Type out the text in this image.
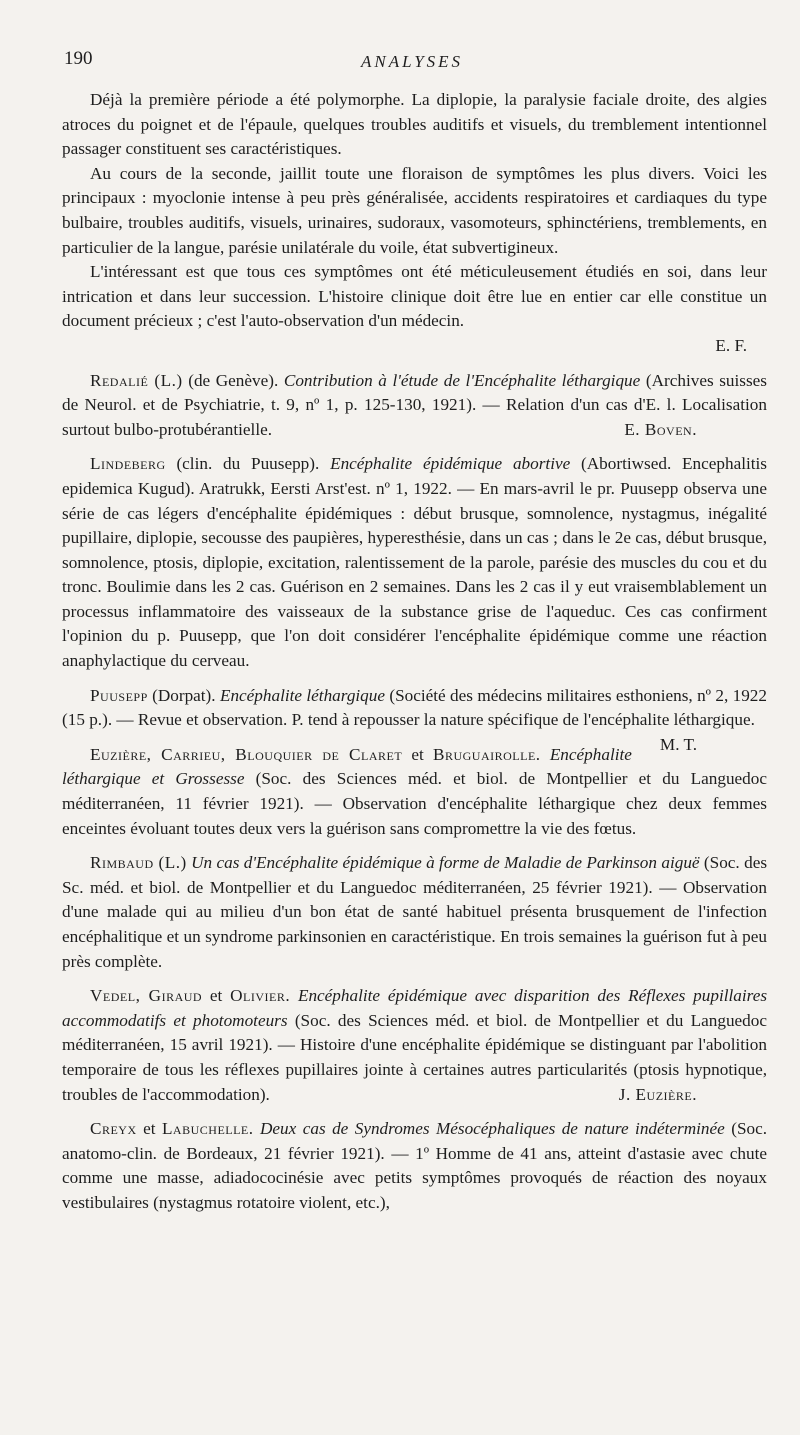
190	ANALYSES

Déjà la première période a été polymorphe. La diplopie, la paralysie faciale droite, des algies atroces du poignet et de l'épaule, quelques troubles auditifs et visuels, du tremblement intentionnel passager constituent ses caractéristiques.

Au cours de la seconde, jaillit toute une floraison de symptômes les plus divers. Voici les principaux : myoclonie intense à peu près généralisée, accidents respiratoires et cardiaques du type bulbaire, troubles auditifs, visuels, urinaires, sudoraux, vasomoteurs, sphinctériens, tremblements, en particulier de la langue, parésie unilatérale du voile, état subvertigineux.

L'intéressant est que tous ces symptômes ont été méticuleusement étudiés en soi, dans leur intrication et dans leur succession. L'histoire clinique doit être lue en entier car elle constitue un document précieux ; c'est l'auto-observation d'un médecin.

E. F.

Redalié (L.) (de Genève). Contribution à l'étude de l'Encéphalite léthargique (Archives suisses de Neurol. et de Psychiatrie, t. 9, nº 1, p. 125-130, 1921). — Relation d'un cas d'E. l. Localisation surtout bulbo-protubérantielle.	E. Boven.

Lindeberg (clin. du Puusepp). Encéphalite épidémique abortive (Abortiwsed. Encephalitis epidemica Kugud). Aratrukk, Eersti Arst'est. nº 1, 1922. — En mars-avril le pr. Puusepp observa une série de cas légers d'encéphalite épidémiques : début brusque, somnolence, nystagmus, inégalité pupillaire, diplopie, secousse des paupières, hyperesthésie, dans un cas ; dans le 2e cas, début brusque, somnolence, ptosis, diplopie, excitation, ralentissement de la parole, parésie des muscles du cou et du tronc. Boulimie dans les 2 cas. Guérison en 2 semaines. Dans les 2 cas il y eut vraisemblablement un processus inflammatoire des vaisseaux de la substance grise de l'aqueduc. Ces cas confirment l'opinion du p. Puusepp, que l'on doit considérer l'encéphalite épidémique comme une réaction anaphylactique du cerveau.

Puusepp (Dorpat). Encéphalite léthargique (Société des médecins militaires esthoniens, nº 2, 1922 (15 p.). — Revue et observation. P. tend à repousser la nature spécifique de l'encéphalite léthargique.
M. T.

Euzière, Carrieu, Blouquier de Claret et Bruguairolle. Encéphalite léthargique et Grossesse (Soc. des Sciences méd. et biol. de Montpellier et du Languedoc méditerranéen, 11 février 1921). — Observation d'encéphalite léthargique chez deux femmes enceintes évoluant toutes deux vers la guérison sans compromettre la vie des fœtus.

Rimbaud (L.) Un cas d'Encéphalite épidémique à forme de Maladie de Parkinson aiguë (Soc. des Sc. méd. et biol. de Montpellier et du Languedoc méditerranéen, 25 février 1921). — Observation d'une malade qui au milieu d'un bon état de santé habituel présenta brusquement de l'infection encéphalitique et un syndrome parkinsonien en caractéristique. En trois semaines la guérison fut à peu près complète.

Vedel, Giraud et Olivier. Encéphalite épidémique avec disparition des Réflexes pupillaires accommodatifs et photomoteurs (Soc. des Sciences méd. et biol. de Montpellier et du Languedoc méditerranéen, 15 avril 1921). — Histoire d'une encéphalite épidémique se distinguant par l'abolition temporaire de tous les réflexes pupillaires jointe à certaines autres particularités (ptosis hypnotique, troubles de l'accommodation).	J. Euzière.

Creyx et Labuchelle. Deux cas de Syndromes Mésocéphaliques de nature indéterminée (Soc. anatomo-clin. de Bordeaux, 21 février 1921). — 1º Homme de 41 ans, atteint d'astasie avec chute comme une masse, adiadococinésie avec petits symptômes provoqués de réaction des noyaux vestibulaires (nystagmus rotatoire violent, etc.),
